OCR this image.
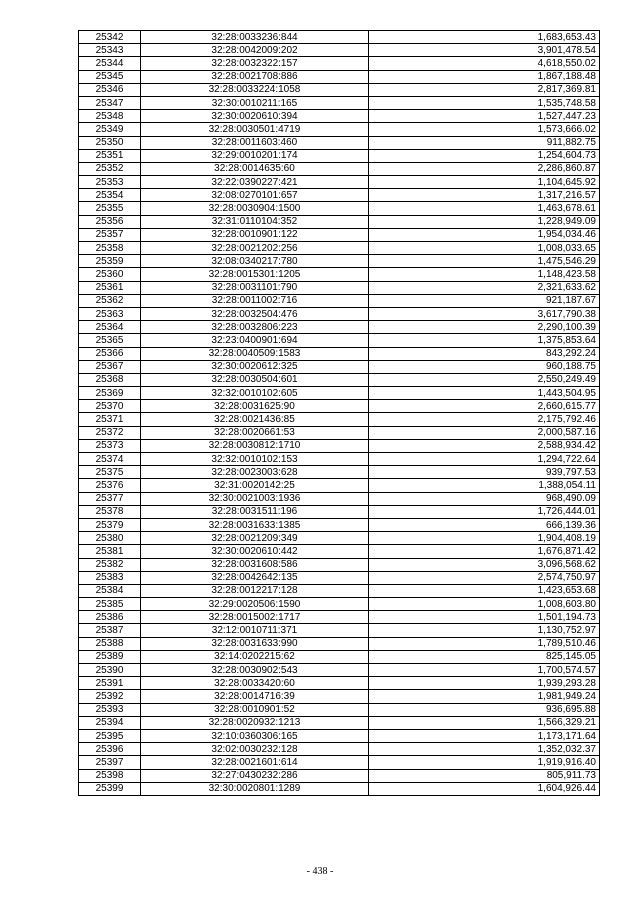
25342	32:28:0033236:844	1,683,653.43
25343	32:28:0042009:202	3,901,478.54
25344	32:28:0032322:157	4,618,550.02
25345	32:28:0021708:886	1,867,188.48
25346	32:28:0033224:1058	2,817,369.81
25347	32:30:0010211:165	1,535,748.58
25348	32:30:0020610:394	1,527,447.23
25349	32:28:0030501:4719	1,573,666.02
25350	32:28:0011603:460	911,882.75
25351	32:29:0010201:174	1,254,604.73
25352	32:28:0014635:60	2,286,860.87
25353	32:22:0390227:421	1,104,645.92
25354	32:08:0270101:657	1,317,216.57
25355	32:28:0030904:1500	1,463,678.61
25356	32:31:0110104:352	1,228,949.09
25357	32:28:0010901:122	1,954,034.46
25358	32:28:0021202:256	1,008,033.65
25359	32:08:0340217:780	1,475,546.29
25360	32:28:0015301:1205	1,148,423.58
25361	32:28:0031101:790	2,321,633.62
25362	32:28:0011002:716	921,187.67
25363	32:28:0032504:476	3,617,790.38
25364	32:28:0032806:223	2,290,100.39
25365	32:23:0400901:694	1,375,853.64
25366	32:28:0040509:1583	843,292.24
25367	32:30:0020612:325	960,188.75
25368	32:28:0030504:601	2,550,249.49
25369	32:32:0010102:605	1,443,504.95
25370	32:28:0031625:90	2,660,615.77
25371	32:28:0021436:85	2,175,792.46
25372	32:28:0020661:53	2,000,587.16
25373	32:28:0030812:1710	2,588,934.42
25374	32:32:0010102:153	1,294,722.64
25375	32:28:0023003:628	939,797.53
25376	32:31:0020142:25	1,388,054.11
25377	32:30:0021003:1936	968,490.09
25378	32:28:0031511:196	1,726,444.01
25379	32:28:0031633:1385	666,139.36
25380	32:28:0021209:349	1,904,408.19
25381	32:30:0020610:442	1,676,871.42
25382	32:28:0031608:586	3,096,568.62
25383	32:28:0042642:135	2,574,750.97
25384	32:28:0012217:128	1,423,653.68
25385	32:29:0020506:1590	1,008,603.80
25386	32:28:0015002:1717	1,501,194.73
25387	32:12:0010711:371	1,130,752.97
25388	32:28:0031633:990	1,789,510.46
25389	32:14:0202215:62	825,145.05
25390	32:28:0030902:543	1,700,574.57
25391	32:28:0033420:60	1,939,293.28
25392	32:28:0014716:39	1,981,949.24
25393	32:28:0010901:52	936,695.88
25394	32:28:0020932:1213	1,566,329.21
25395	32:10:0360306:165	1,173,171.64
25396	32:02:0030232:128	1,352,032.37
25397	32:28:0021601:614	1,919,916.40
25398	32:27:0430232:286	805,911.73
25399	32:30:0020801:1289	1,604,926.44
- 438 -
